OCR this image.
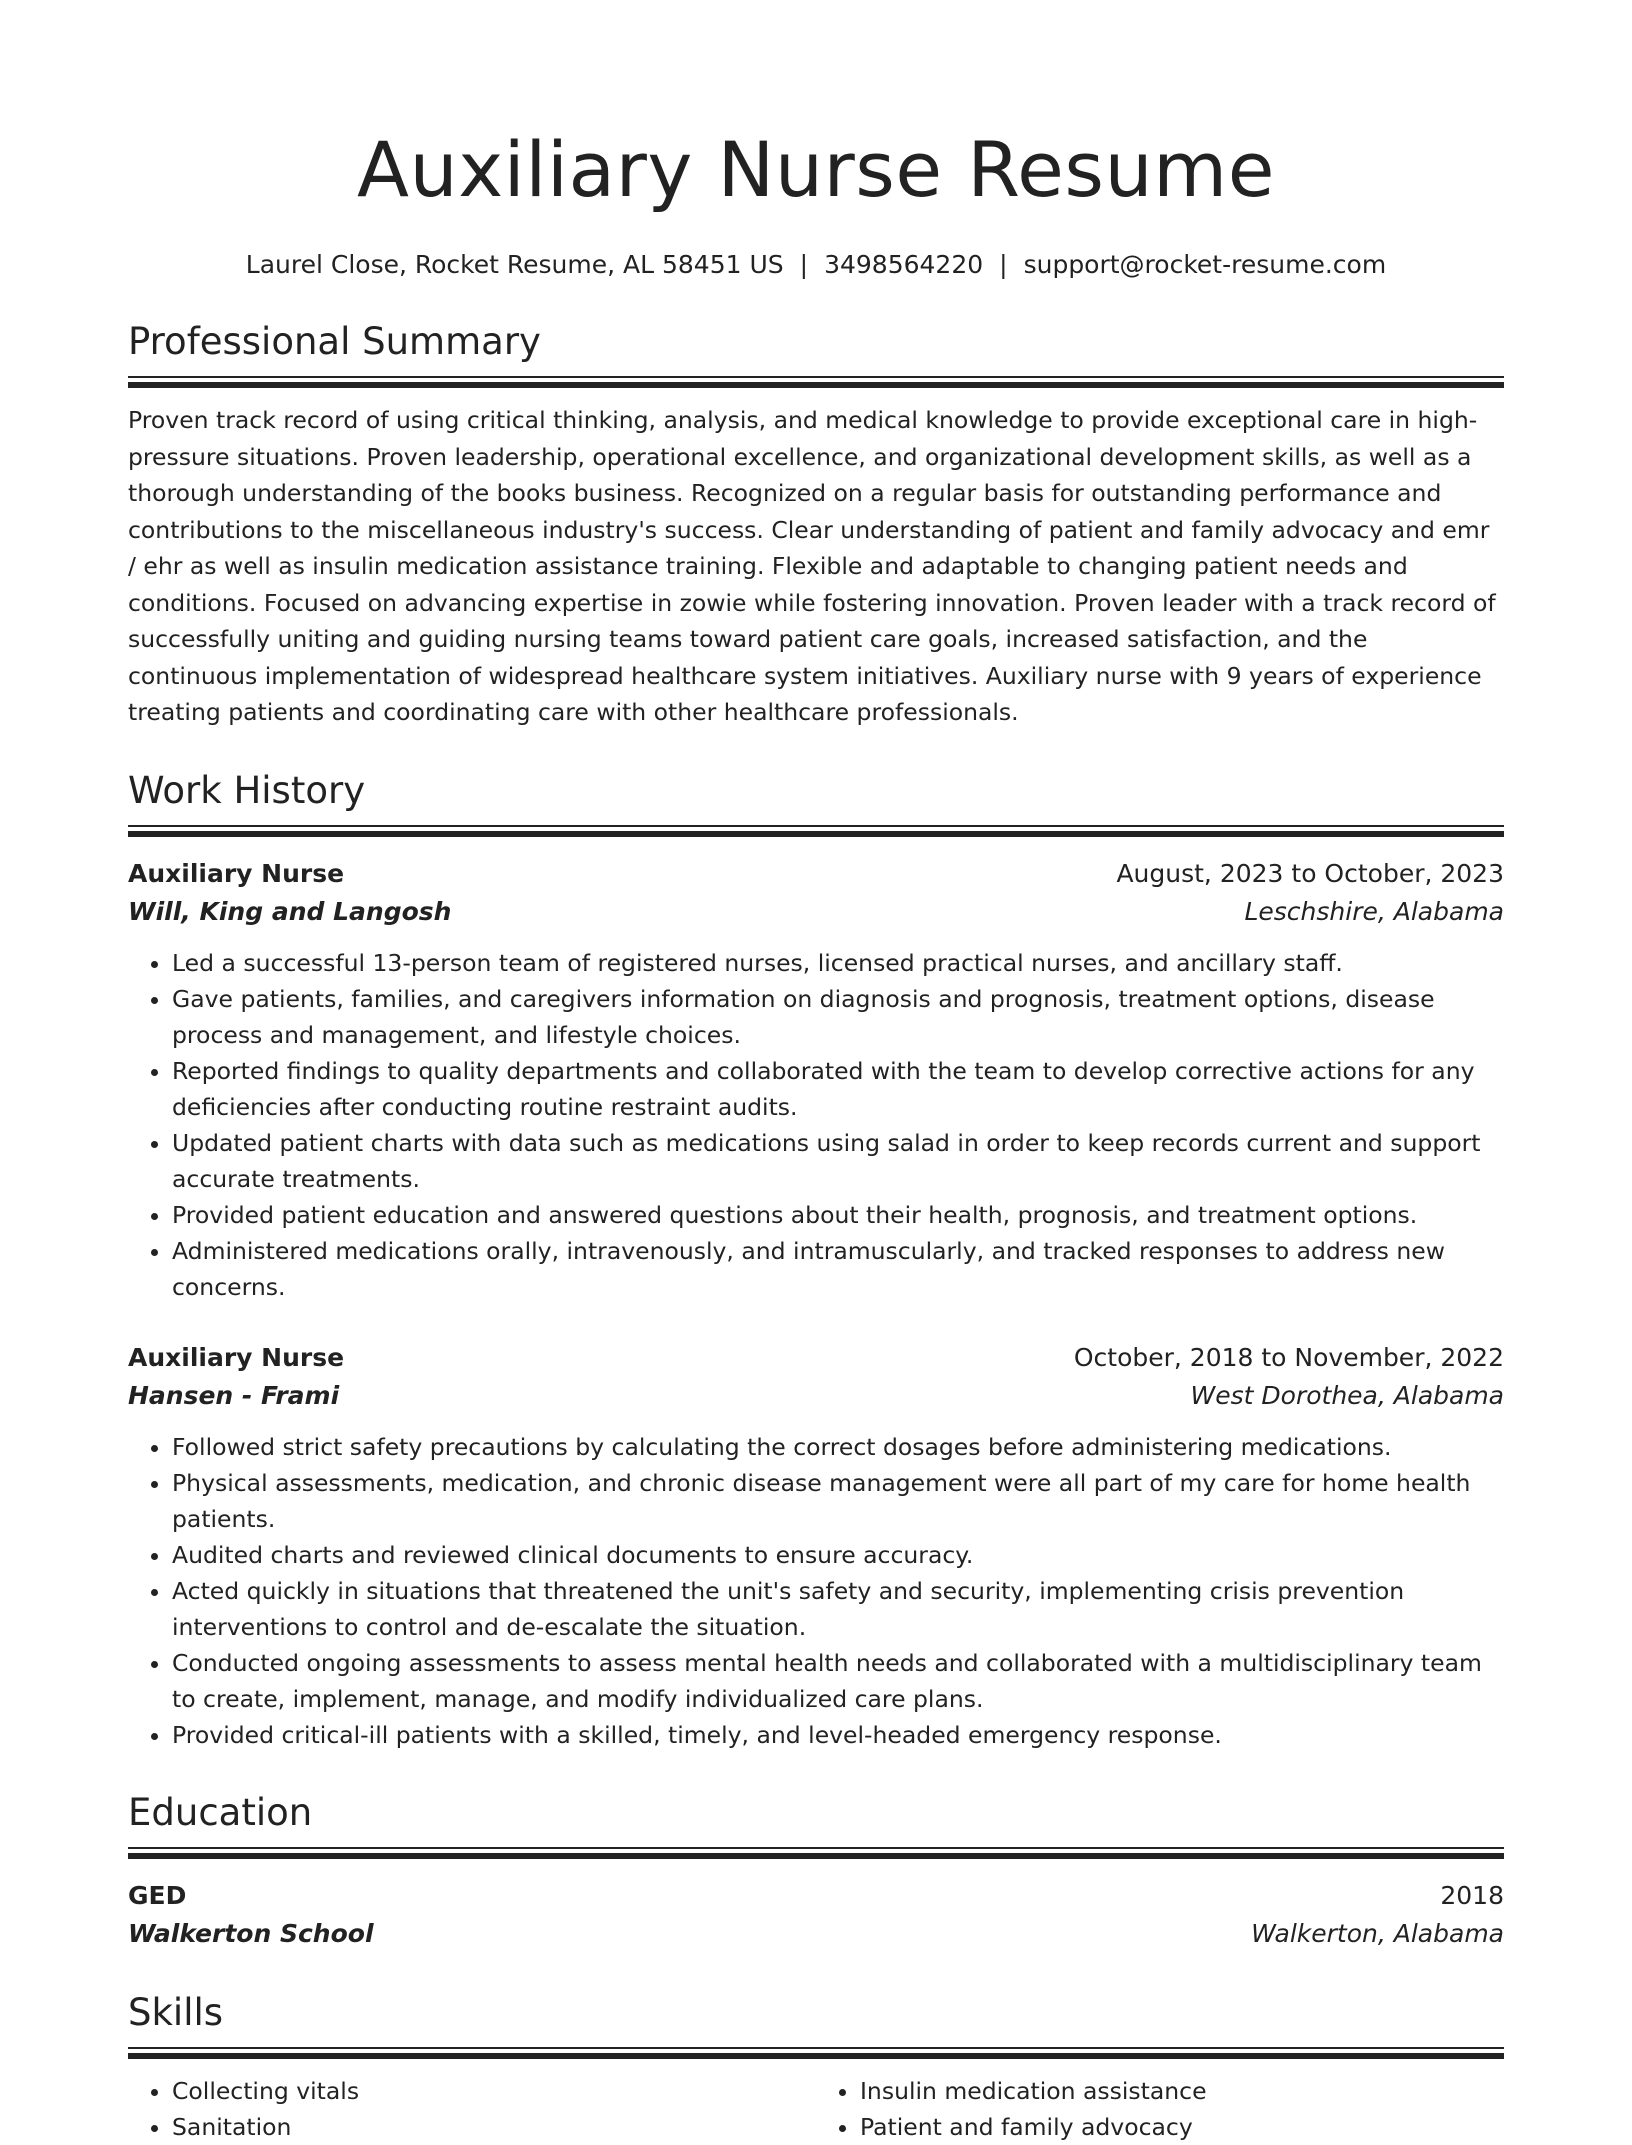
Auxiliary Nurse Resume
Laurel Close, Rocket Resume, AL 58451 US | 3498564220 | support@rocket-resume.com
Professional Summary
Proven track record of using critical thinking, analysis, and medical knowledge to provide exceptional care in high-pressure situations. Proven leadership, operational excellence, and organizational development skills, as well as a thorough understanding of the books business. Recognized on a regular basis for outstanding performance and contributions to the miscellaneous industry's success. Clear understanding of patient and family advocacy and emr / ehr as well as insulin medication assistance training. Flexible and adaptable to changing patient needs and conditions. Focused on advancing expertise in zowie while fostering innovation. Proven leader with a track record of successfully uniting and guiding nursing teams toward patient care goals, increased satisfaction, and the continuous implementation of widespread healthcare system initiatives. Auxiliary nurse with 9 years of experience treating patients and coordinating care with other healthcare professionals.
Work History
Auxiliary Nurse	August, 2023 to October, 2023
Will, King and Langosh	Leschshire, Alabama
• Led a successful 13-person team of registered nurses, licensed practical nurses, and ancillary staff.
• Gave patients, families, and caregivers information on diagnosis and prognosis, treatment options, disease process and management, and lifestyle choices.
• Reported findings to quality departments and collaborated with the team to develop corrective actions for any deficiencies after conducting routine restraint audits.
• Updated patient charts with data such as medications using salad in order to keep records current and support accurate treatments.
• Provided patient education and answered questions about their health, prognosis, and treatment options.
• Administered medications orally, intravenously, and intramuscularly, and tracked responses to address new concerns.
Auxiliary Nurse	October, 2018 to November, 2022
Hansen - Frami	West Dorothea, Alabama
• Followed strict safety precautions by calculating the correct dosages before administering medications.
• Physical assessments, medication, and chronic disease management were all part of my care for home health patients.
• Audited charts and reviewed clinical documents to ensure accuracy.
• Acted quickly in situations that threatened the unit's safety and security, implementing crisis prevention interventions to control and de-escalate the situation.
• Conducted ongoing assessments to assess mental health needs and collaborated with a multidisciplinary team to create, implement, manage, and modify individualized care plans.
• Provided critical-ill patients with a skilled, timely, and level-headed emergency response.
Education
GED	2018
Walkerton School	Walkerton, Alabama
Skills
• Collecting vitals
• Sanitation
• Insulin medication assistance
• Patient and family advocacy
